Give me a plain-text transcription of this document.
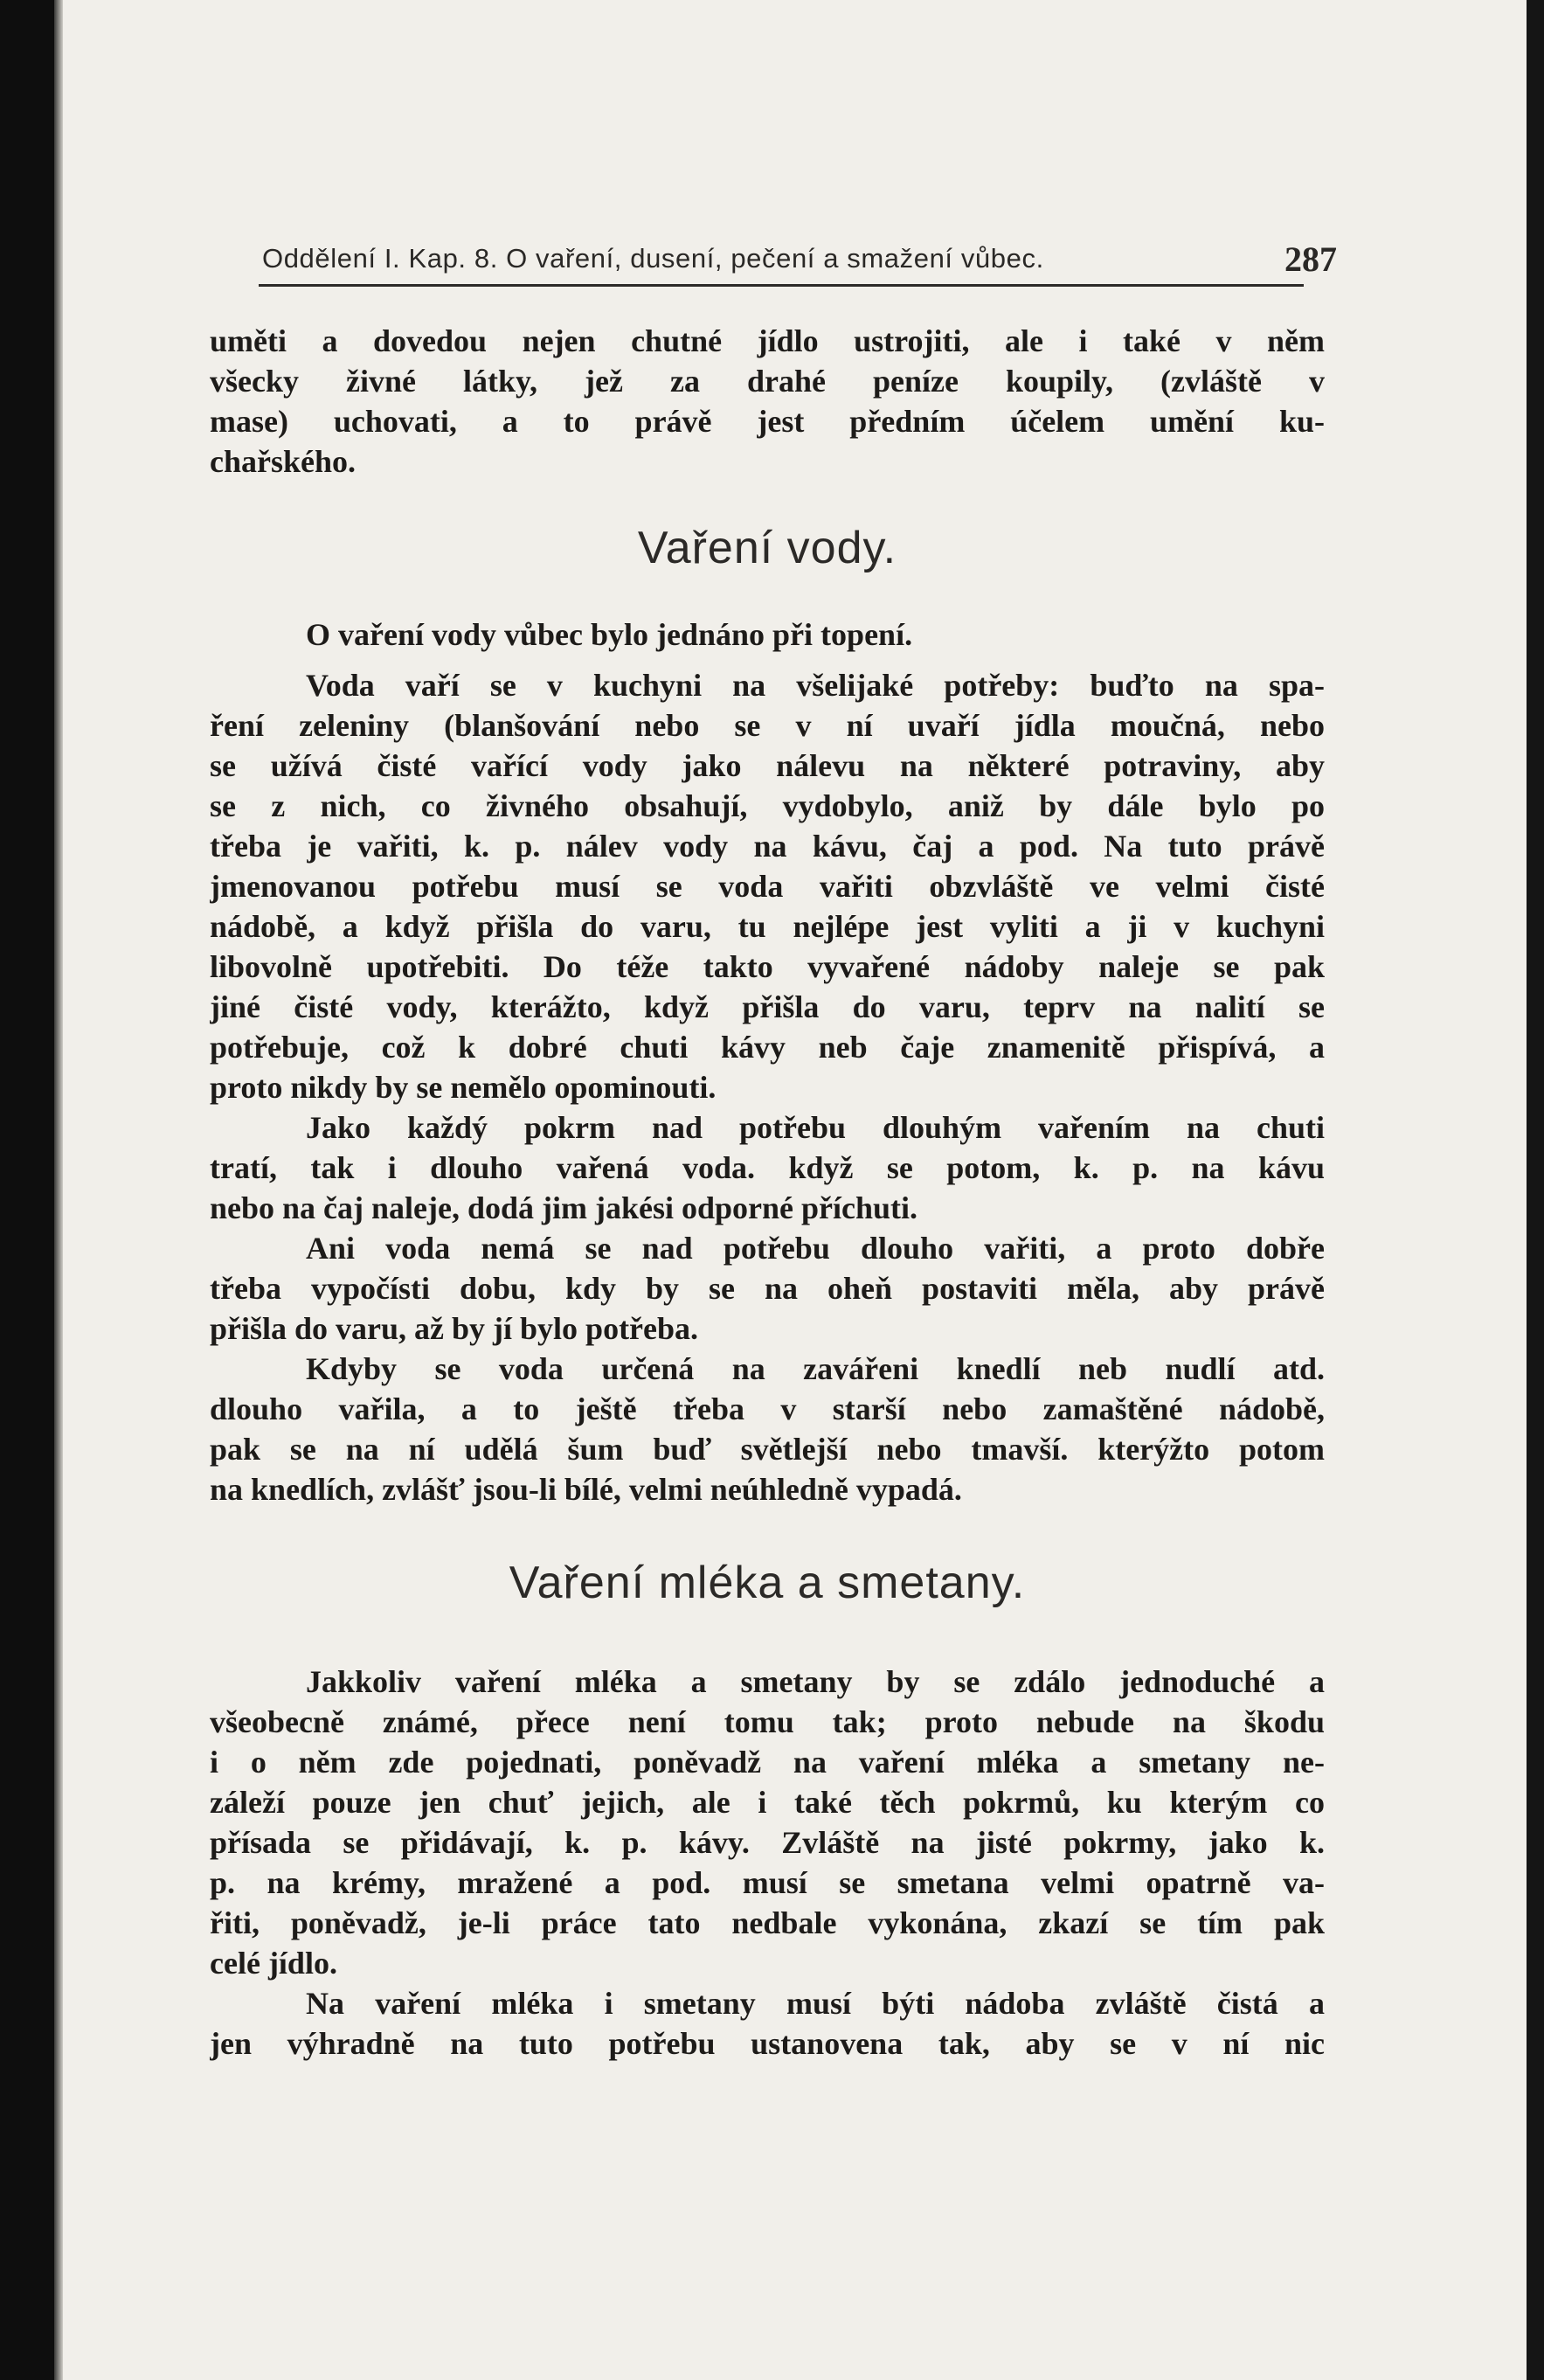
Oddělení I. Kap. 8. O vaření, dusení, pečení a smažení vůbec.	287
uměti a dovedou nejen chutné jídlo ustrojiti, ale i také v něm
všecky živné látky, jež za drahé peníze koupily, (zvláště v
mase) uchovati, a to právě jest předním účelem umění ku-
chařského.
Vaření vody.
O vaření vody vůbec bylo jednáno při topení.
Voda vaří se v kuchyni na všelijaké potřeby: buďto na spa-
ření zeleniny (blanšování nebo se v ní uvaří jídla moučná, nebo
se užívá čisté vařící vody jako nálevu na některé potraviny, aby
se z nich, co živného obsahují, vydobylo, aniž by dále bylo po
třeba je vařiti, k. p. nálev vody na kávu, čaj a pod. Na tuto právě
jmenovanou potřebu musí se voda vařiti obzvláště ve velmi čisté
nádobě, a když přišla do varu, tu nejlépe jest vyliti a ji v kuchyni
libovolně upotřebiti. Do téže takto vyvařené nádoby naleje se pak
jiné čisté vody, kterážto, když přišla do varu, teprv na nalití se
potřebuje, což k dobré chuti kávy neb čaje znamenitě přispívá, a
proto nikdy by se nemělo opominouti.
Jako každý pokrm nad potřebu dlouhým vařením na chuti
tratí, tak i dlouho vařená voda. když se potom, k. p. na kávu
nebo na čaj naleje, dodá jim jakési odporné příchuti.
Ani voda nemá se nad potřebu dlouho vařiti, a proto dobře
třeba vypočísti dobu, kdy by se na oheň postaviti měla, aby právě
přišla do varu, až by jí bylo potřeba.
Kdyby se voda určená na zavářeni knedlí neb nudlí atd.
dlouho vařila, a to ještě třeba v starší nebo zamaštěné nádobě,
pak se na ní udělá šum buď světlejší nebo tmavší. kterýžto potom
na knedlích, zvlášť jsou-li bílé, velmi neúhledně vypadá.
Vaření mléka a smetany.
Jakkoliv vaření mléka a smetany by se zdálo jednoduché a
všeobecně známé, přece není tomu tak; proto nebude na škodu
i o něm zde pojednati, poněvadž na vaření mléka a smetany ne-
záleží pouze jen chuť jejich, ale i také těch pokrmů, ku kterým co
přísada se přidávají, k. p. kávy. Zvláště na jisté pokrmy, jako k.
p. na krémy, mražené a pod. musí se smetana velmi opatrně va-
řiti, poněvadž, je-li práce tato nedbale vykonána, zkazí se tím pak
celé jídlo.
Na vaření mléka i smetany musí býti nádoba zvláště čistá a
jen výhradně na tuto potřebu ustanovena tak, aby se v ní nic
